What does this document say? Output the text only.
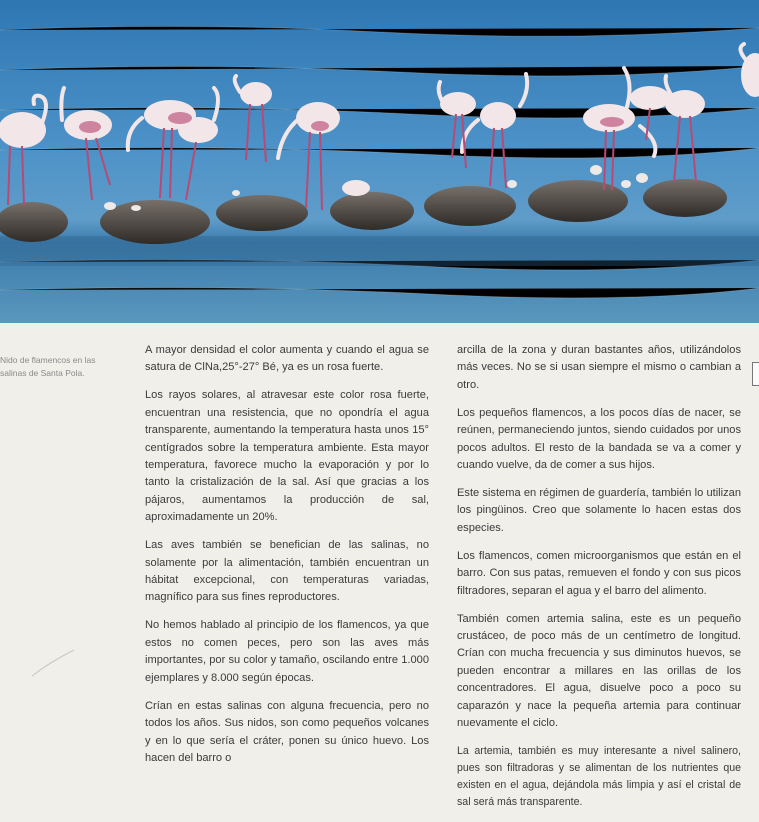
Nido de flamencos en las salinas de Santa Pola.

A mayor densidad el color aumenta y cuando el agua se satura de ClNa,25°-27° Bé, ya es un rosa fuerte.

Los rayos solares, al atravesar este color rosa fuerte, encuentran una resistencia, que no opondría el agua transparente, aumentando la temperatura hasta unos 15° centígrados sobre la temperatura ambiente. Esta mayor temperatura, favorece mucho la evaporación y por lo tanto la cristalización de la sal. Así que gracias a los pájaros, aumentamos la producción de sal, aproximadamente un 20%.

Las aves también se benefician de las salinas, no solamente por la alimentación, también encuentran un hábitat excepcional, con temperaturas variadas, magnífico para sus fines reproductores.

No hemos hablado al principio de los flamencos, ya que estos no comen peces, pero son las aves más importantes, por su color y tamaño, oscilando entre 1.000 ejemplares y 8.000 según épocas.

Crían en estas salinas con alguna frecuencia, pero no todos los años. Sus nidos, son como pequeños volcanes y en lo que sería el cráter, ponen su único huevo. Los hacen del barro o

arcilla de la zona y duran bastantes años, utilizándolos más veces. No se si usan siempre el mismo o cambian a otro.

Los pequeños flamencos, a los pocos días de nacer, se reúnen, permaneciendo juntos, siendo cuidados por unos pocos adultos. El resto de la bandada se va a comer y cuando vuelve, da de comer a sus hijos.

Este sistema en régimen de guardería, también lo utilizan los pingüinos. Creo que solamente lo hacen estas dos especies.

Los flamencos, comen microorganismos que están en el barro. Con sus patas, remueven el fondo y con sus picos filtradores, separan el agua y el barro del alimento.

También comen artemia salina, este es un pequeño crustáceo, de poco más de un centímetro de longitud. Crían con mucha frecuencia y sus diminutos huevos, se pueden encontrar a millares en las orillas de los concentradores. El agua, disuelve poco a poco su caparazón y nace la pequeña artemia para continuar nuevamente el ciclo.

La artemia, también es muy interesante a nivel salinero, pues son filtradoras y se alimentan de los nutrientes que existen en el agua, dejándola más limpia y así el cristal de sal será más transparente.
